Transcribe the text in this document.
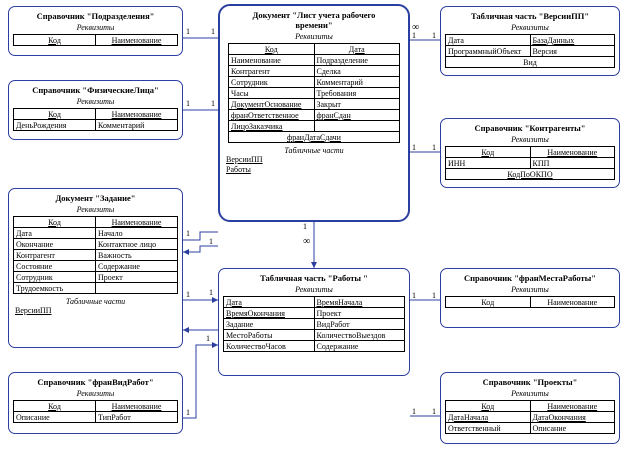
Справочник "Подразделения"
Реквизиты
Код	Наименование
Справочник "ФизическиеЛица"
Реквизиты
Код	Наименование
ДеньРождения	Комментарий
Документ "Задание"
Реквизиты
Код	Наименование
Дата	Начало
Окончание	Контактное лицо
Контрагент	Важность
Состояние	Содержание
Сотрудник	Проект
Трудоемкость	
Табличные части
ВерсииПП
Документ "Лист учета рабочего
времени"
Реквизиты
Код	Дата
Наименование	Подразделение
Контрагент	Сделка
Сотрудник	Комментарий
Часы	Требования
ДокументОснование	Закрыт
франОтветственное	франСдан
ЛицоЗаказчика	
франДатаСдачи	
Табличные части
ВерсииПП
Работы
Табличная часть "ВерсииПП"
Реквизиты
Дата	БазаДанных
ПрограммныйОбъект	Версия
Вид	
Справочник "Контрагенты"
Реквизиты
Код	Наименование
ИНН	КПП
КодПоОКПО	
Табличная часть "Работы "
Реквизиты
Дата	ВремяНачала
ВремяОкончания	Проект
Задание	ВидРабот
МестоРаботы	КоличествоВыездов
КоличествоЧасов	Содержание
Справочник "франМестаРаботы"
Реквизиты
Код	Наименование
Справочник "франВидРабот"
Реквизиты
Код	Наименование
Описание	ТипРабот
Справочник "Проекты"
Реквизиты
Код	Наименование
ДатаНачала	ДатаОкончания
Ответственный	Описание
1	1
1	1
1
1
1 1
1
1 1
1 1
1 1
1 1
1
1
∞
∞
